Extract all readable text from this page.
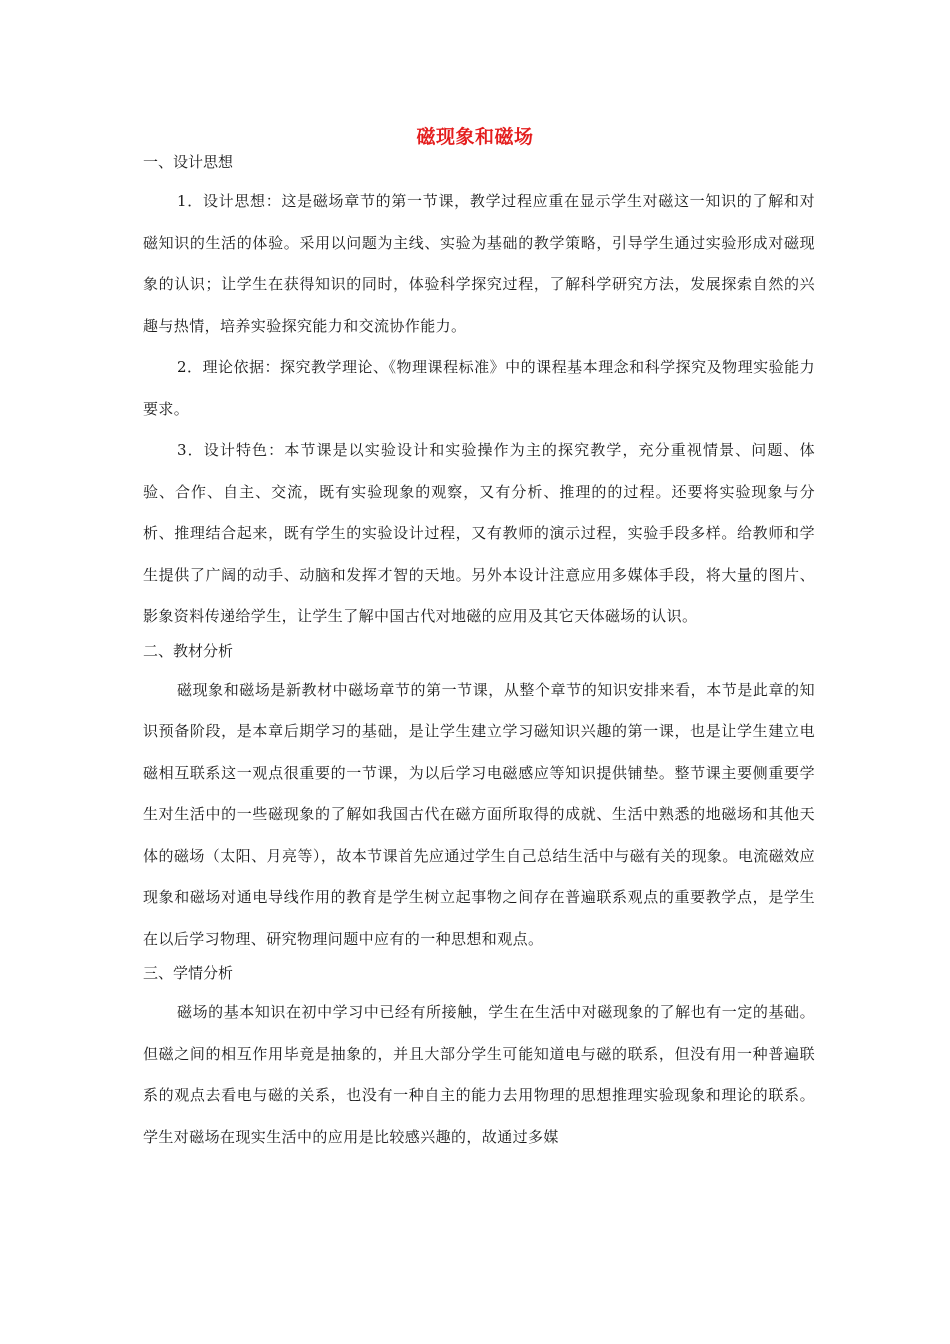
磁现象和磁场

一、设计思想

1．设计思想：这是磁场章节的第一节课，教学过程应重在显示学生对磁这一知识的了解和对磁知识的生活的体验。采用以问题为主线、实验为基础的教学策略，引导学生通过实验形成对磁现象的认识；让学生在获得知识的同时，体验科学探究过程，了解科学研究方法，发展探索自然的兴趣与热情，培养实验探究能力和交流协作能力。

2．理论依据：探究教学理论、《物理课程标准》中的课程基本理念和科学探究及物理实验能力要求。

3．设计特色：本节课是以实验设计和实验操作为主的探究教学，充分重视情景、问题、体验、合作、自主、交流，既有实验现象的观察，又有分析、推理的的过程。还要将实验现象与分析、推理结合起来，既有学生的实验设计过程，又有教师的演示过程，实验手段多样。给教师和学生提供了广阔的动手、动脑和发挥才智的天地。另外本设计注意应用多媒体手段，将大量的图片、影象资料传递给学生，让学生了解中国古代对地磁的应用及其它天体磁场的认识。

二、教材分析

磁现象和磁场是新教材中磁场章节的第一节课，从整个章节的知识安排来看，本节是此章的知识预备阶段，是本章后期学习的基础，是让学生建立学习磁知识兴趣的第一课，也是让学生建立电磁相互联系这一观点很重要的一节课，为以后学习电磁感应等知识提供铺垫。整节课主要侧重要学生对生活中的一些磁现象的了解如我国古代在磁方面所取得的成就、生活中熟悉的地磁场和其他天体的磁场（太阳、月亮等），故本节课首先应通过学生自己总结生活中与磁有关的现象。电流磁效应现象和磁场对通电导线作用的教育是学生树立起事物之间存在普遍联系观点的重要教学点，是学生在以后学习物理、研究物理问题中应有的一种思想和观点。

三、学情分析

磁场的基本知识在初中学习中已经有所接触，学生在生活中对磁现象的了解也有一定的基础。但磁之间的相互作用毕竟是抽象的，并且大部分学生可能知道电与磁的联系，但没有用一种普遍联系的观点去看电与磁的关系，也没有一种自主的能力去用物理的思想推理实验现象和理论的联系。学生对磁场在现实生活中的应用是比较感兴趣的，故通过多媒
